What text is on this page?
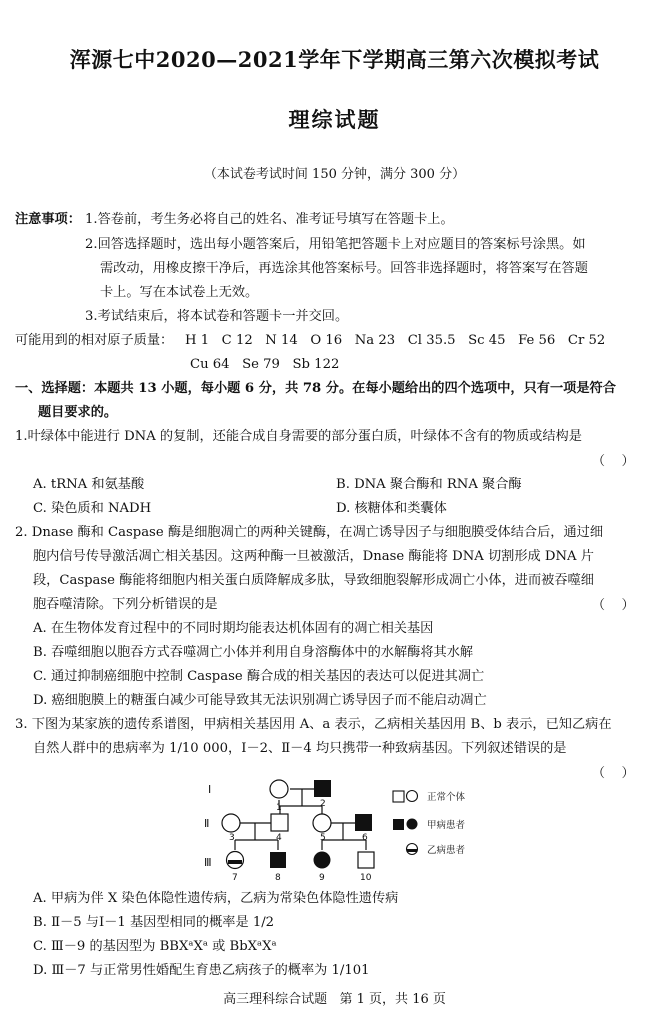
浑源七中2020—2021学年下学期高三第六次模拟考试
理综试题
（本试卷考试时间 150 分钟，满分 300 分）
注意事项： 1.答卷前，考生务必将自己的姓名、准考证号填写在答题卡上。
2.回答选择题时，选出每小题答案后，用铅笔把答题卡上对应题目的答案标号涂黑。如
需改动，用橡皮擦干净后，再选涂其他答案标号。回答非选择题时，将答案写在答题
卡上。写在本试卷上无效。
3.考试结束后，将本试卷和答题卡一并交回。
可能用到的相对原子质量： H 1   C 12   N 14   O 16   Na 23   Cl 35.5   Sc 45   Fe 56   Cr 52
Cu 64   Se 79   Sb 122
一、选择题：本题共 13 小题，每小题 6 分，共 78 分。在每小题给出的四个选项中，只有一项是符合
题目要求的。
1.叶绿体中能进行 DNA 的复制，还能合成自身需要的部分蛋白质，叶绿体不含有的物质或结构是
（    ）
A. tRNA 和氨基酸	B. DNA 聚合酶和 RNA 聚合酶
C. 染色质和 NADH	D. 核糖体和类囊体
2. Dnase 酶和 Caspase 酶是细胞凋亡的两种关键酶，在凋亡诱导因子与细胞膜受体结合后，通过细
胞内信号传导激活凋亡相关基因。这两种酶一旦被激活，Dnase 酶能将 DNA 切割形成 DNA 片
段，Caspase 酶能将细胞内相关蛋白质降解成多肽，导致细胞裂解形成凋亡小体，进而被吞噬细
胞吞噬清除。下列分析错误的是	（    ）
A. 在生物体发育过程中的不同时期均能表达机体固有的凋亡相关基因
B. 吞噬细胞以胞吞方式吞噬凋亡小体并利用自身溶酶体中的水解酶将其水解
C. 通过抑制癌细胞中控制 Caspase 酶合成的相关基因的表达可以促进其凋亡
D. 癌细胞膜上的糖蛋白减少可能导致其无法识别凋亡诱导因子而不能启动凋亡
3. 下图为某家族的遗传系谱图，甲病相关基因用 A、a 表示，乙病相关基因用 B、b 表示，已知乙病在
自然人群中的患病率为 1/10 000，Ⅰ－2、Ⅱ－4 均只携带一种致病基因。下列叙述错误的是
（    ）
Ⅰ
1	2
Ⅱ
3	4	5	6
Ⅲ
7	8	9	10
正常个体
甲病患者
乙病患者
A. 甲病为伴 X 染色体隐性遗传病，乙病为常染色体隐性遗传病
B. Ⅱ－5 与Ⅰ－1 基因型相同的概率是 1/2
C. Ⅲ－9 的基因型为 BBXᵃXᵃ 或 BbXᵃXᵃ
D. Ⅲ－7 与正常男性婚配生育患乙病孩子的概率为 1/101
高三理科综合试题   第 1 页，共 16 页
